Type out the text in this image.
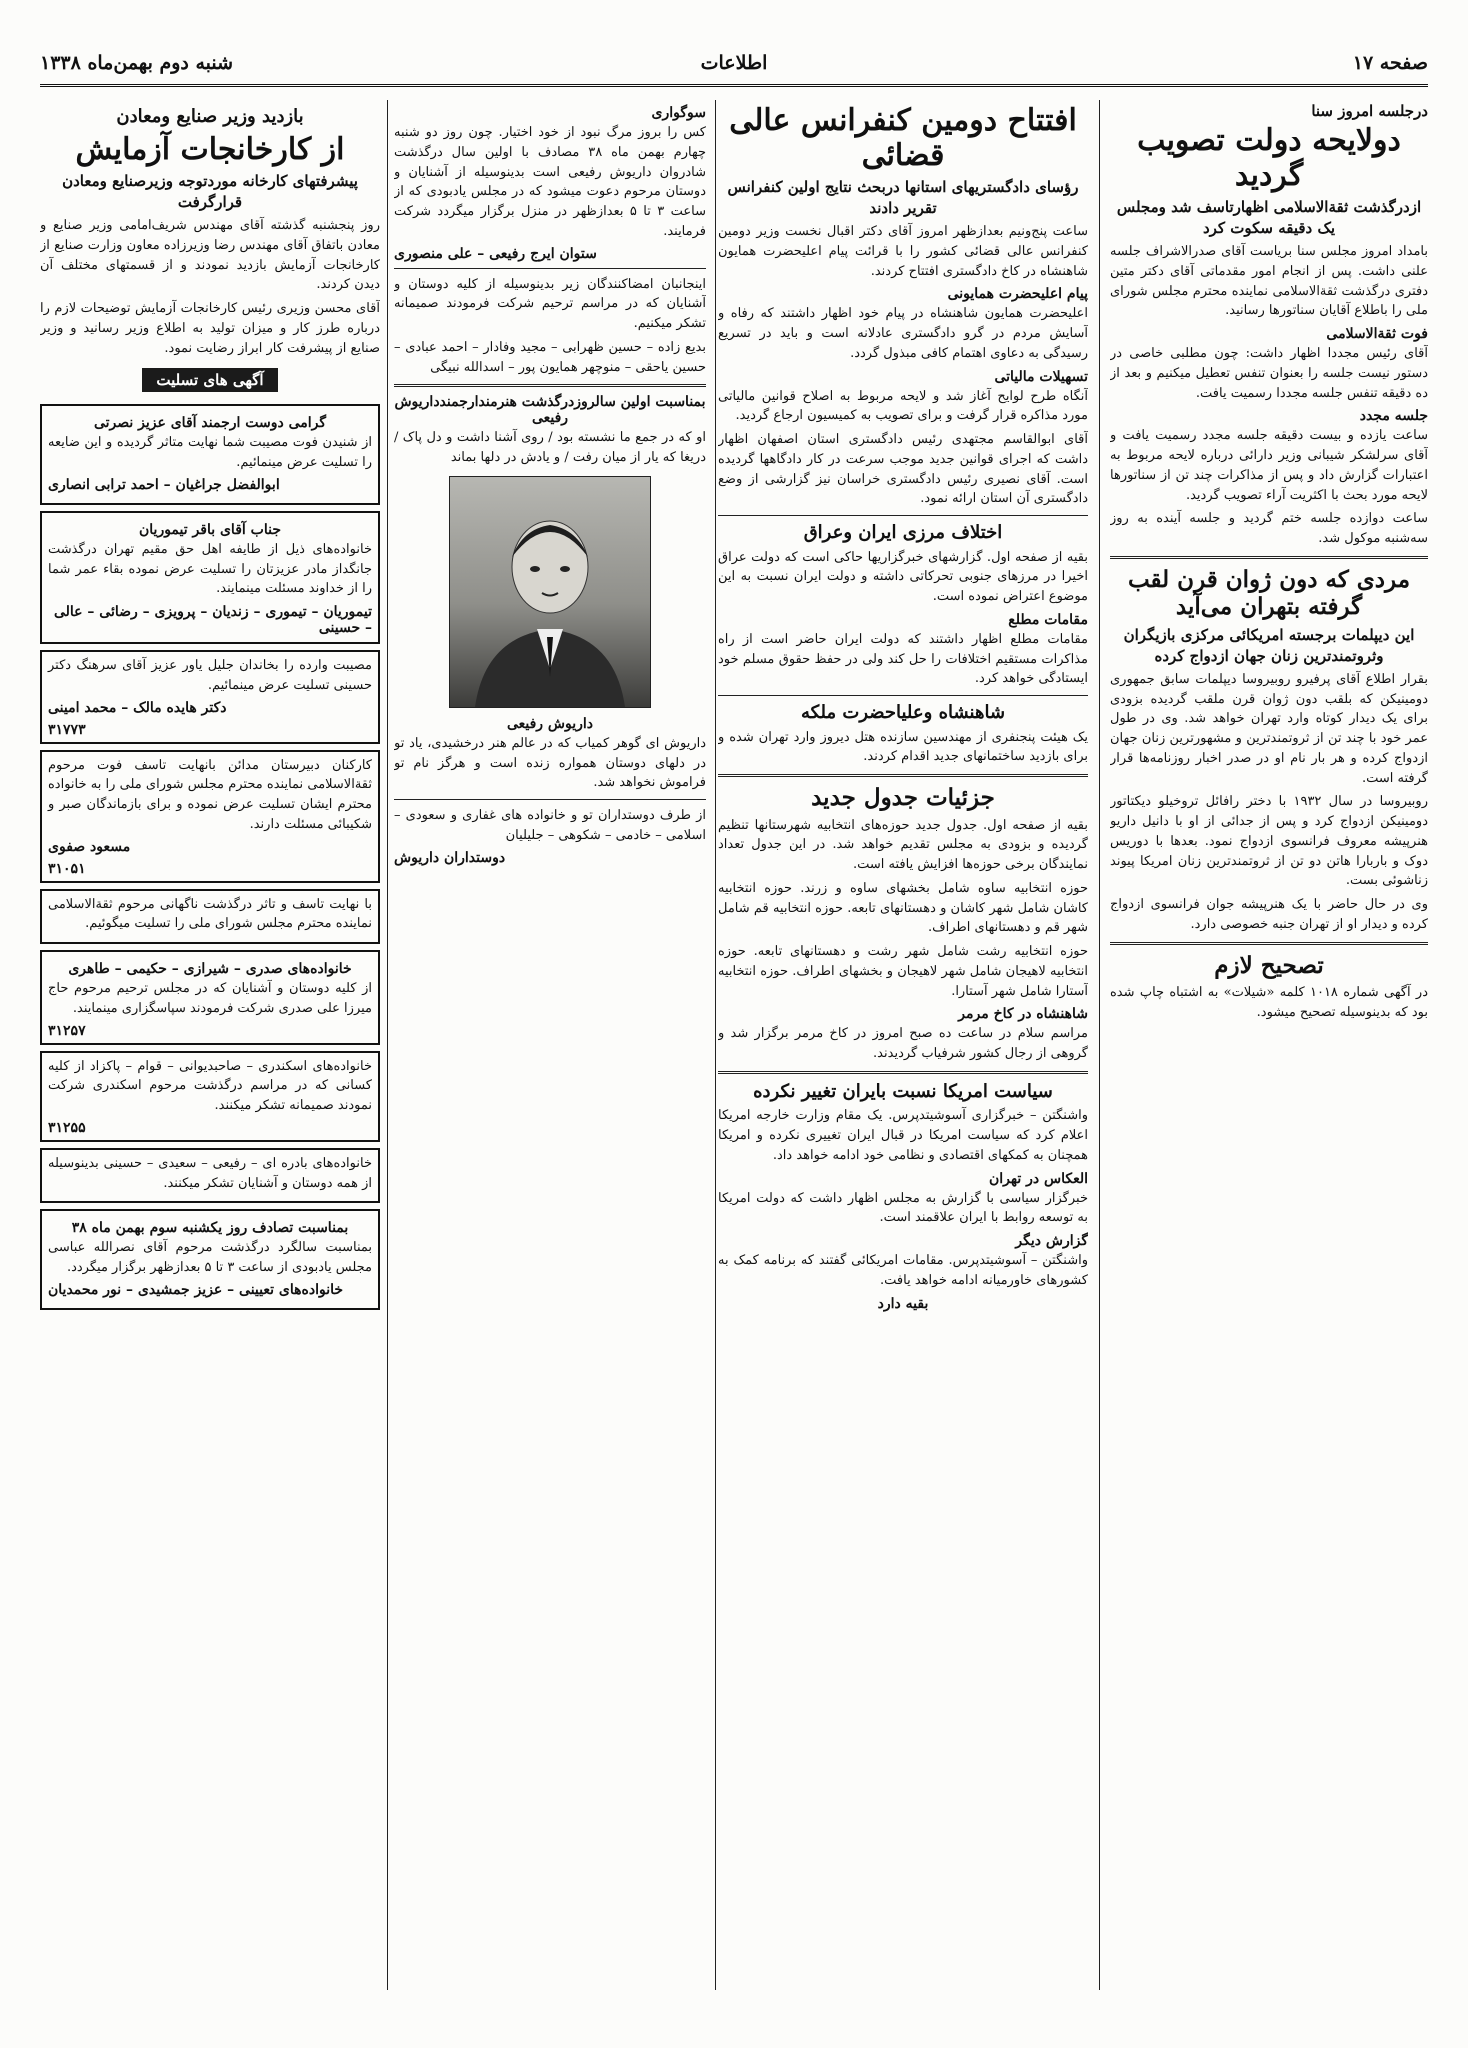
صفحه ۱۷
اطلاعات
شنبه دوم بهمن‌ماه ۱۳۳۸
درجلسه امروز سنا
دولایحه دولت تصویب گردید
ازدرگذشت ثقةالاسلامی اظهارتاسف شد ومجلس یک دقیقه سکوت کرد

بامداد امروز مجلس سنا بریاست آقای صدرالاشراف جلسه علنی داشت. پس از انجام امور مقدماتی آقای دکتر متین دفتری درگذشت ثقةالاسلامی نماینده محترم مجلس شورای ملی را باطلاع آقایان سناتورها رسانید.

فوت ثقةالاسلامی

آقای رئیس مجددا اظهار داشت: چون مطلبی خاصی در دستور نیست جلسه را بعنوان تنفس تعطیل میکنیم و بعد از ده دقیقه تنفس جلسه مجددا رسمیت یافت.

جلسه مجدد

ساعت یازده و بیست دقیقه جلسه مجدد رسمیت یافت و آقای سرلشکر شیبانی وزیر دارائی درباره لایحه مربوط به اعتبارات گزارش داد و پس از مذاکرات چند تن از سناتورها لایحه مورد بحث با اکثریت آراء تصویب گردید.

ساعت دوازده جلسه ختم گردید و جلسه آینده به روز سه‌شنبه موکول شد.

مردی که دون ژوان قرن لقب گرفته بتهران می‌آید
این دیپلمات برجسته امریکائی مرکزی بازیگران وثروتمندترین زنان جهان ازدواج کرده

بقرار اطلاع آقای پرفیرو روبیروسا دیپلمات سابق جمهوری دومینیکن که بلقب دون ژوان قرن ملقب گردیده بزودی برای یک دیدار کوتاه وارد تهران خواهد شد. وی در طول عمر خود با چند تن از ثروتمندترین و مشهورترین زنان جهان ازدواج کرده و هر بار نام او در صدر اخبار روزنامه‌ها قرار گرفته است.

روبیروسا در سال ۱۹۳۲ با دختر رافائل تروخیلو دیکتاتور دومینیکن ازدواج کرد و پس از جدائی از او با دانیل داریو هنرپیشه معروف فرانسوی ازدواج نمود. بعدها با دوریس دوک و باربارا هاتن دو تن از ثروتمندترین زنان امریکا پیوند زناشوئی بست.

وی در حال حاضر با یک هنرپیشه جوان فرانسوی ازدواج کرده و دیدار او از تهران جنبه خصوصی دارد.

تصحیح لازم

در آگهی شماره ۱۰۱۸ کلمه «شیلات» به اشتباه چاپ شده بود که بدینوسیله تصحیح میشود.

افتتاح دومین کنفرانس عالی قضائی
رؤسای دادگستریهای استانها دربحث نتایج اولین کنفرانس تقریر دادند

ساعت پنج‌ونیم بعدازظهر امروز آقای دکتر اقبال نخست وزیر دومین کنفرانس عالی قضائی کشور را با قرائت پیام اعلیحضرت همایون شاهنشاه در کاخ دادگستری افتتاح کردند.

پیام اعلیحضرت همایونی

اعلیحضرت همایون شاهنشاه در پیام خود اظهار داشتند که رفاه و آسایش مردم در گرو دادگستری عادلانه است و باید در تسریع رسیدگی به دعاوی اهتمام کافی مبذول گردد.

تسهیلات مالیاتی

آنگاه طرح لوایح آغاز شد و لایحه مربوط به اصلاح قوانین مالیاتی مورد مذاکره قرار گرفت و برای تصویب به کمیسیون ارجاع گردید.

آقای ابوالقاسم مجتهدی رئیس دادگستری استان اصفهان اظهار داشت که اجرای قوانین جدید موجب سرعت در کار دادگاهها گردیده است. آقای نصیری رئیس دادگستری خراسان نیز گزارشی از وضع دادگستری آن استان ارائه نمود.

اختلاف مرزی ایران وعراق

بقیه از صفحه اول. گزارشهای خبرگزاریها حاکی است که دولت عراق اخیرا در مرزهای جنوبی تحرکاتی داشته و دولت ایران نسبت به این موضوع اعتراض نموده است.

مقامات مطلع

مقامات مطلع اظهار داشتند که دولت ایران حاضر است از راه مذاکرات مستقیم اختلافات را حل کند ولی در حفظ حقوق مسلم خود ایستادگی خواهد کرد.

شاهنشاه وعلیاحضرت ملکه

یک هیئت پنجنفری از مهندسین سازنده هتل دیروز وارد تهران شده و برای بازدید ساختمانهای جدید اقدام کردند.

جزئیات جدول جدید

بقیه از صفحه اول. جدول جدید حوزه‌های انتخابیه شهرستانها تنظیم گردیده و بزودی به مجلس تقدیم خواهد شد. در این جدول تعداد نمایندگان برخی حوزه‌ها افزایش یافته است.

حوزه انتخابیه ساوه شامل بخشهای ساوه و زرند. حوزه انتخابیه کاشان شامل شهر کاشان و دهستانهای تابعه. حوزه انتخابیه قم شامل شهر قم و دهستانهای اطراف.

حوزه انتخابیه رشت شامل شهر رشت و دهستانهای تابعه. حوزه انتخابیه لاهیجان شامل شهر لاهیجان و بخشهای اطراف. حوزه انتخابیه آستارا شامل شهر آستارا.

شاهنشاه در کاخ مرمر

مراسم سلام در ساعت ده صبح امروز در کاخ مرمر برگزار شد و گروهی از رجال کشور شرفیاب گردیدند.

سیاست امریکا نسبت بایران تغییر نکرده

واشنگتن – خبرگزاری آسوشیتدپرس. یک مقام وزارت خارجه امریکا اعلام کرد که سیاست امریکا در قبال ایران تغییری نکرده و امریکا همچنان به کمکهای اقتصادی و نظامی خود ادامه خواهد داد.

العکاس در تهران

خبرگزار سیاسی با گزارش به مجلس اظهار داشت که دولت امریکا به توسعه روابط با ایران علاقمند است.

گزارش دیگر

واشنگتن – آسوشیتدپرس. مقامات امریکائی گفتند که برنامه کمک به کشورهای خاورمیانه ادامه خواهد یافت.

بقیه دارد
سوگواری

کس را بروز مرگ نبود از خود اختیار. چون روز دو شنبه چهارم بهمن ماه ۳۸ مصادف با اولین سال درگذشت شادروان داریوش رفیعی است بدینوسیله از آشنایان و دوستان مرحوم دعوت میشود که در مجلس یادبودی که از ساعت ۳ تا ۵ بعدازظهر در منزل برگزار میگردد شرکت فرمایند.

ستوان ایرج رفیعی – علی منصوری

اینجانبان امضاکنندگان زیر بدینوسیله از کلیه دوستان و آشنایان که در مراسم ترحیم شرکت فرمودند صمیمانه تشکر میکنیم.

بدیع زاده – حسین ظهرابی – مجید وفادار – احمد عبادی – حسین یاحقی – منوچهر همایون پور – اسدالله نبیگی

بمناسبت اولین سالروزدرگذشت هنرمندارجمندداریوش رفیعی

او که در جمع ما نشسته بود / روی آشنا داشت و دل پاک / دریغا که یار از میان رفت / و یادش در دلها بماند

داریوش رفیعی

داریوش ای گوهر کمیاب که در عالم هنر درخشیدی، یاد تو در دلهای دوستان همواره زنده است و هرگز نام تو فراموش نخواهد شد.

از طرف دوستداران تو و خانواده های غفاری و سعودی – اسلامی – خادمی – شکوهی – جلیلیان

دوستداران داریوش
بازدید وزیر صنایع ومعادن
از کارخانجات آزمایش
پیشرفتهای کارخانه موردتوجه وزیرصنایع ومعادن قرارگرفت

روز پنجشنبه گذشته آقای مهندس شریف‌امامی وزیر صنایع و معادن باتفاق آقای مهندس رضا وزیرزاده معاون وزارت صنایع از کارخانجات آزمایش بازدید نمودند و از قسمتهای مختلف آن دیدن کردند.

آقای محسن وزیری رئیس کارخانجات آزمایش توضیحات لازم را درباره طرز کار و میزان تولید به اطلاع وزیر رسانید و وزیر صنایع از پیشرفت کار ابراز رضایت نمود.

آگهی های تسلیت
گرامی دوست ارجمند آقای عزیز نصرتی

از شنیدن فوت مصیبت شما نهایت متاثر گردیده و این ضایعه را تسلیت عرض مینمائیم.

ابوالفضل جراغیان – احمد ترابی انصاری
جناب آقای باقر تیموریان

خانواده‌های ذیل از طایفه اهل حق مقیم تهران درگذشت جانگداز مادر عزیزتان را تسلیت عرض نموده بقاء عمر شما را از خداوند مسئلت مینمایند.

تیموریان – تیموری – زندیان – پرویزی – رضائی – عالی – حسینی

مصیبت وارده را بخاندان جلیل یاور عزیز آقای سرهنگ دکتر حسینی تسلیت عرض مینمائیم.

دکتر هایده مالک – محمد امینی
۳۱۷۷۳

کارکنان دبیرستان مدائن بانهایت تاسف فوت مرحوم ثقةالاسلامی نماینده محترم مجلس شورای ملی را به خانواده محترم ایشان تسلیت عرض نموده و برای بازماندگان صبر و شکیبائی مسئلت دارند.

مسعود صفوی
۳۱۰۵۱

با نهایت تاسف و تاثر درگذشت ناگهانی مرحوم ثقةالاسلامی نماینده محترم مجلس شورای ملی را تسلیت میگوئیم.

خانواده‌های صدری – شیرازی – حکیمی – طاهری

از کلیه دوستان و آشنایان که در مجلس ترحیم مرحوم حاج میرزا علی صدری شرکت فرمودند سپاسگزاری مینمایند.

۳۱۲۵۷

خانواده‌های اسکندری – صاحبدیوانی – قوام – پاکزاد از کلیه کسانی که در مراسم درگذشت مرحوم اسکندری شرکت نمودند صمیمانه تشکر میکنند.

۳۱۲۵۵

خانواده‌های بادره ای – رفیعی – سعیدی – حسینی بدینوسیله از همه دوستان و آشنایان تشکر میکنند.

بمناسبت تصادف روز یکشنبه سوم بهمن ماه ۳۸

بمناسبت سالگرد درگذشت مرحوم آقای نصرالله عباسی مجلس یادبودی از ساعت ۳ تا ۵ بعدازظهر برگزار میگردد.

خانواده‌های تعیینی – عزیز جمشیدی – نور محمدیان
